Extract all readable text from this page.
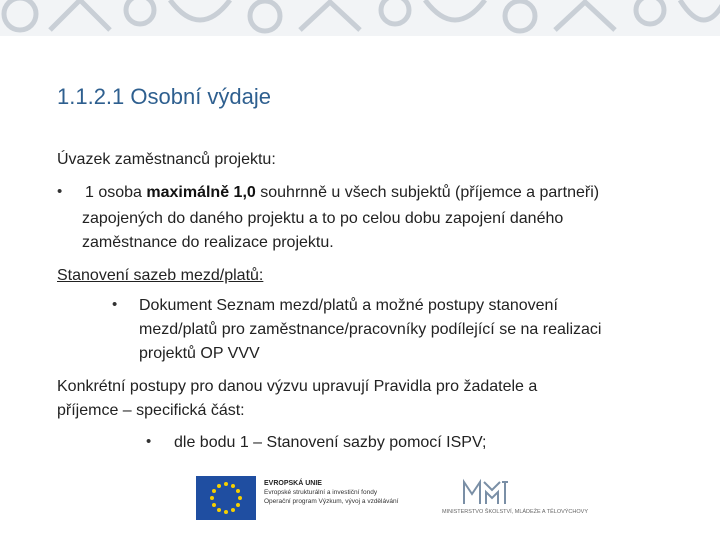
1.1.2.1 Osobní výdaje
Úvazek zaměstnanců projektu:
• 1 osoba maximálně 1,0 souhrnně u všech subjektů (příjemce a partneři)
zapojených do daného projektu a to po celou dobu zapojení daného
zaměstnance do realizace projektu.
Stanovení sazeb mezd/platů:
• Dokument Seznam mezd/platů a možné postupy stanovení
mezd/platů pro zaměstnance/pracovníky podílející se na realizaci
projektů OP VVV
Konkrétní postupy pro danou výzvu upravují Pravidla pro žadatele a
příjemce – specifická část:
• dle bodu 1 – Stanovení sazby pomocí ISPV;
EVROPSKÁ UNIE
Evropské strukturální a investiční fondy
Operační program Výzkum, vývoj a vzdělávání
MINISTERSTVO ŠKOLSTVÍ, MLÁDEŽE A TĚLOVÝCHOVY
